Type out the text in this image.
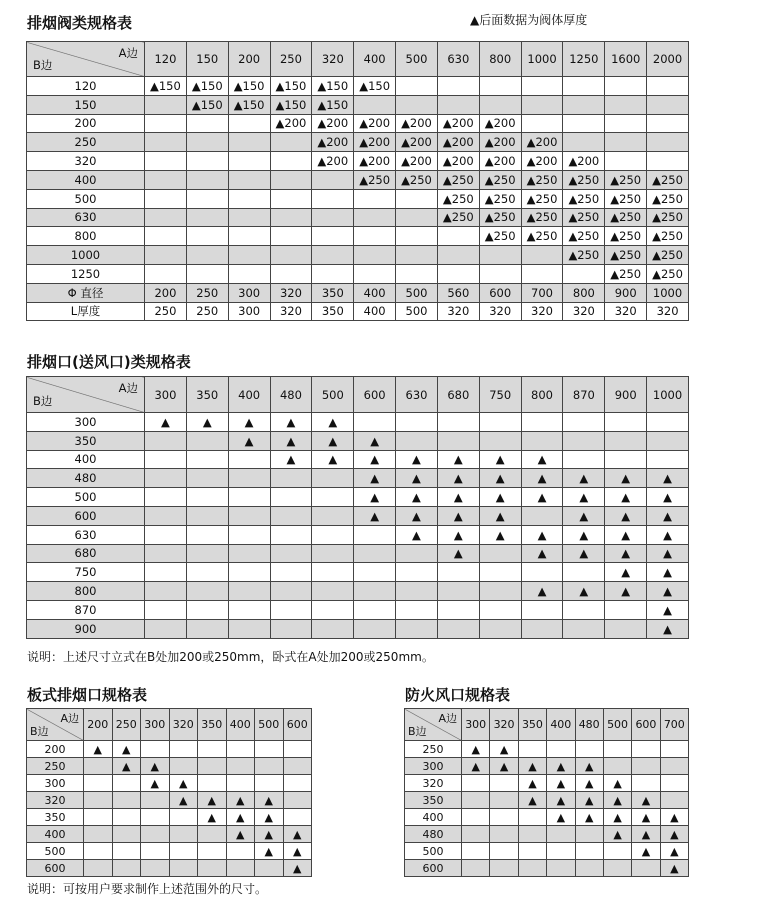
排烟阀类规格表	▲后面数据为阀体厚度
A边
B边	120	150	200	250	320	400	500	630	800	1000	1250	1600	2000
120	▲150	▲150	▲150	▲150	▲150	▲150							
150		▲150	▲150	▲150	▲150								
200				▲200	▲200	▲200	▲200	▲200	▲200				
250					▲200	▲200	▲200	▲200	▲200	▲200			
320					▲200	▲200	▲200	▲200	▲200	▲200	▲200		
400						▲250	▲250	▲250	▲250	▲250	▲250	▲250	▲250
500								▲250	▲250	▲250	▲250	▲250	▲250
630								▲250	▲250	▲250	▲250	▲250	▲250
800									▲250	▲250	▲250	▲250	▲250
1000											▲250	▲250	▲250
1250												▲250	▲250
Φ 直径	200	250	300	320	350	400	500	560	600	700	800	900	1000
L厚度	250	250	300	320	350	400	500	320	320	320	320	320	320
排烟口(送风口)类规格表
A边
B边	300	350	400	480	500	600	630	680	750	800	870	900	1000
300	▲	▲	▲	▲	▲								
350			▲	▲	▲	▲							
400				▲	▲	▲	▲	▲	▲	▲			
480						▲	▲	▲	▲	▲	▲	▲	▲
500						▲	▲	▲	▲	▲	▲	▲	▲
600						▲	▲	▲	▲		▲	▲	▲
630							▲	▲	▲	▲	▲	▲	▲
680								▲		▲	▲	▲	▲
750												▲	▲
800										▲	▲	▲	▲
870													▲
900													▲
说明：上述尺寸立式在B处加200或250mm，卧式在A处加200或250mm。
板式排烟口规格表
A边
B边	200	250	300	320	350	400	500	600
200	▲	▲						
250		▲	▲					
300			▲	▲				
320				▲	▲	▲	▲	
350					▲	▲	▲	
400						▲	▲	▲
500							▲	▲
600								▲
说明：可按用户要求制作上述范围外的尺寸。
防火风口规格表
A边
B边	300	320	350	400	480	500	600	700
250	▲	▲						
300	▲	▲	▲	▲	▲			
320			▲	▲	▲	▲		
350			▲	▲	▲	▲	▲	
400				▲	▲	▲	▲	▲
480						▲	▲	▲
500							▲	▲
600								▲
